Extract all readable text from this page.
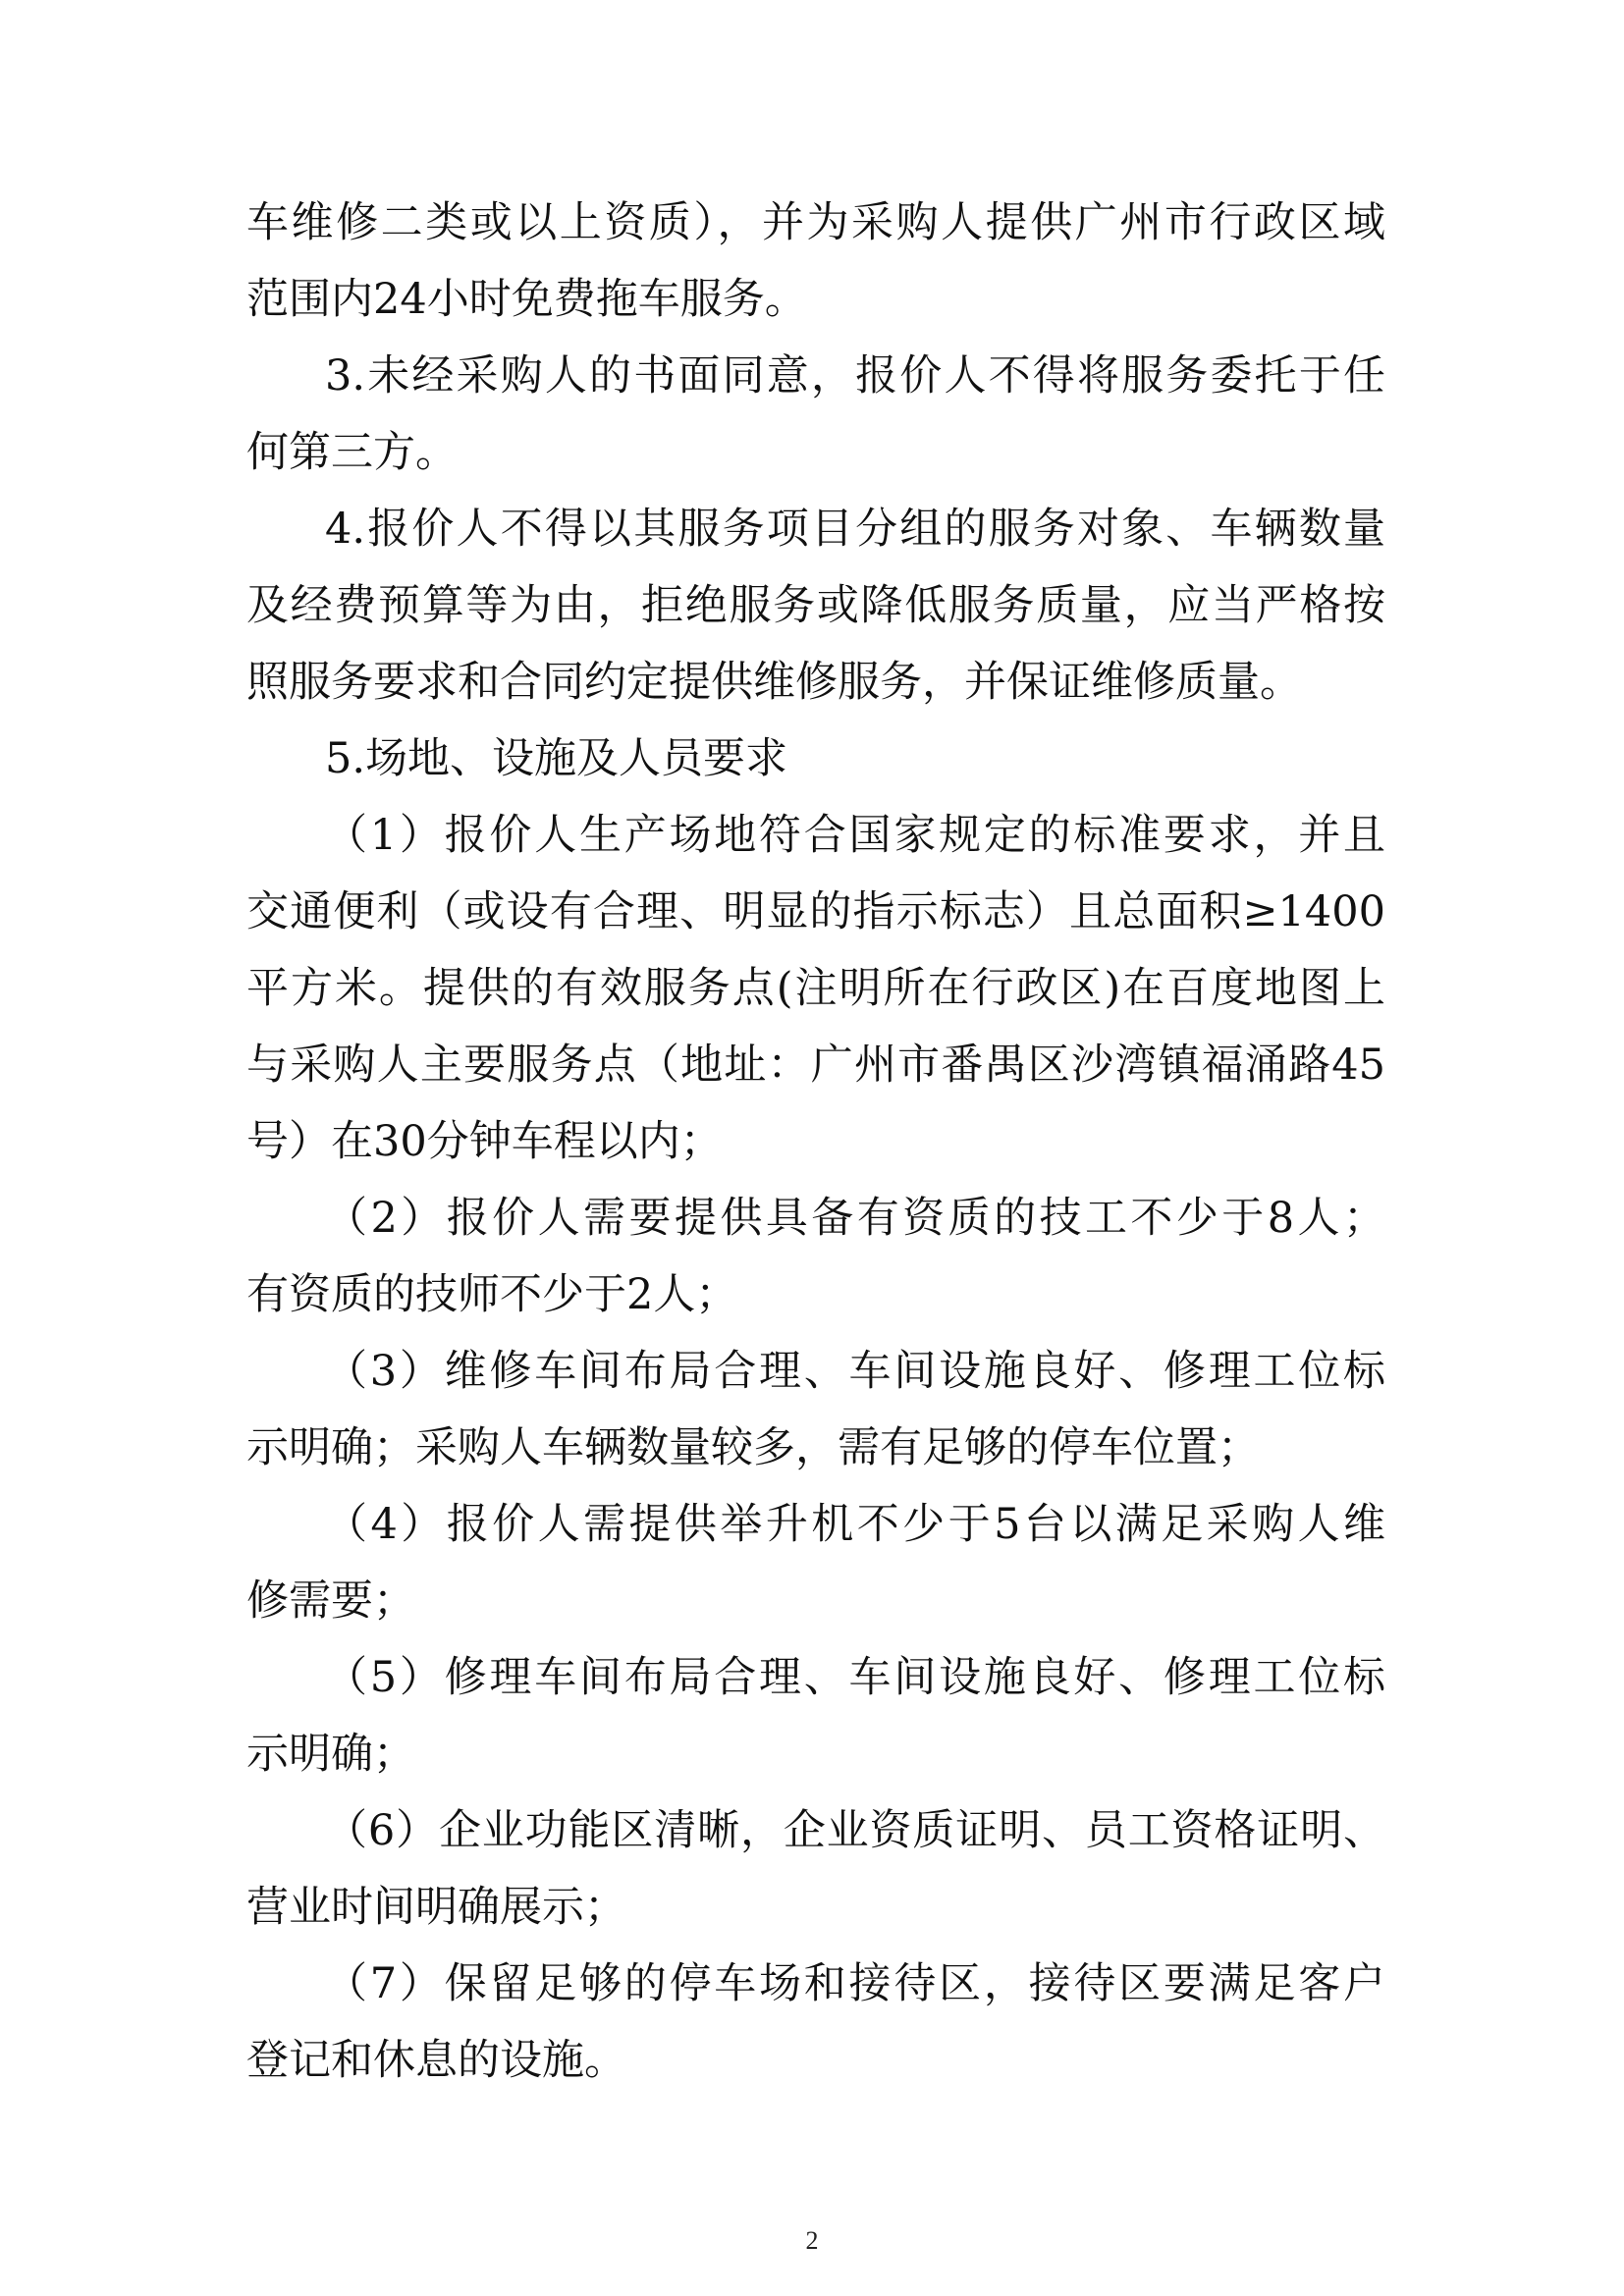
车维修二类或以上资质），并为采购人提供广州市行政区域
范围内24小时免费拖车服务。
3.未经采购人的书面同意，报价人不得将服务委托于任
何第三方。
4.报价人不得以其服务项目分组的服务对象、车辆数量
及经费预算等为由，拒绝服务或降低服务质量，应当严格按
照服务要求和合同约定提供维修服务，并保证维修质量。
5.场地、设施及人员要求
（1）报价人生产场地符合国家规定的标准要求，并且
交通便利（或设有合理、明显的指示标志）且总面积≥1400
平方米。提供的有效服务点(注明所在行政区)在百度地图上
与采购人主要服务点（地址：广州市番禺区沙湾镇福涌路45
号）在30分钟车程以内；
（2）报价人需要提供具备有资质的技工不少于8人；
有资质的技师不少于2人；
（3）维修车间布局合理、车间设施良好、修理工位标
示明确；采购人车辆数量较多，需有足够的停车位置；
（4）报价人需提供举升机不少于5台以满足采购人维
修需要；
（5）修理车间布局合理、车间设施良好、修理工位标
示明确；
（6）企业功能区清晰，企业资质证明、员工资格证明、
营业时间明确展示；
（7）保留足够的停车场和接待区，接待区要满足客户
登记和休息的设施。
2
